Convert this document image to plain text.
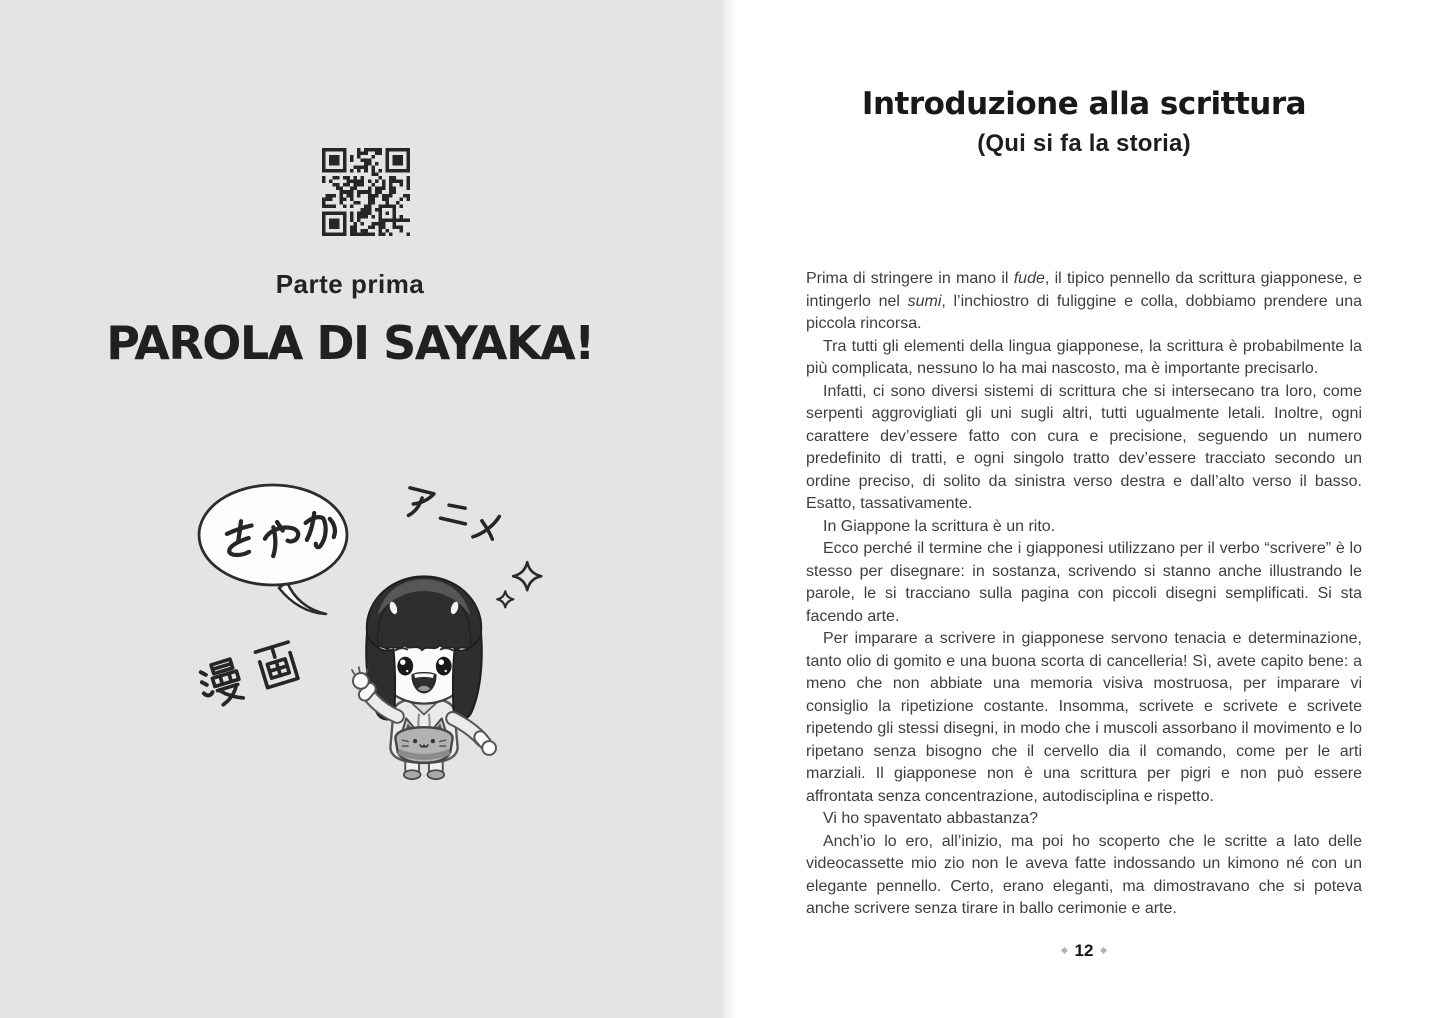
Parte prima
PAROLA DI SAYAKA!
Introduzione alla scrittura
(Qui si fa la storia)

Prima di stringere in mano il fude, il tipico pennello da scrittura giapponese, e intingerlo nel sumi, l’inchiostro di fuliggine e colla, dobbiamo prendere una piccola rincorsa.

Tra tutti gli elementi della lingua giapponese, la scrittura è probabilmente la più complicata, nessuno lo ha mai nascosto, ma è importante precisarlo.

Infatti, ci sono diversi sistemi di scrittura che si intersecano tra loro, come serpenti aggrovigliati gli uni sugli altri, tutti ugualmente letali. Inoltre, ogni carattere dev’essere fatto con cura e precisione, seguendo un numero predefinito di tratti, e ogni singolo tratto dev’essere tracciato secondo un ordine preciso, di solito da sinistra verso destra e dall’alto verso il basso. Esatto, tassativamente.

In Giappone la scrittura è un rito.

Ecco perché il termine che i giapponesi utilizzano per il verbo “scrivere” è lo stesso per disegnare: in sostanza, scrivendo si stanno anche illustrando le parole, le si tracciano sulla pagina con piccoli disegni semplificati. Si sta facendo arte.

Per imparare a scrivere in giapponese servono tenacia e determinazione, tanto olio di gomito e una buona scorta di cancelleria! Sì, avete capito bene: a meno che non abbiate una memoria visiva mostruosa, per imparare vi consiglio la ripetizione costante. Insomma, scrivete e scrivete e scrivete ripetendo gli stessi disegni, in modo che i muscoli assorbano il movimento e lo ripetano senza bisogno che il cervello dia il comando, come per le arti marziali. Il giapponese non è una scrittura per pigri e non può essere affrontata senza concentrazione, autodisciplina e rispetto.

Vi ho spaventato abbastanza?

Anch’io lo ero, all’inizio, ma poi ho scoperto che le scritte a lato delle videocassette mio zio non le aveva fatte indossando un kimono né con un elegante pennello. Certo, erano eleganti, ma dimostravano che si poteva anche scrivere senza tirare in ballo cerimonie e arte.

12
